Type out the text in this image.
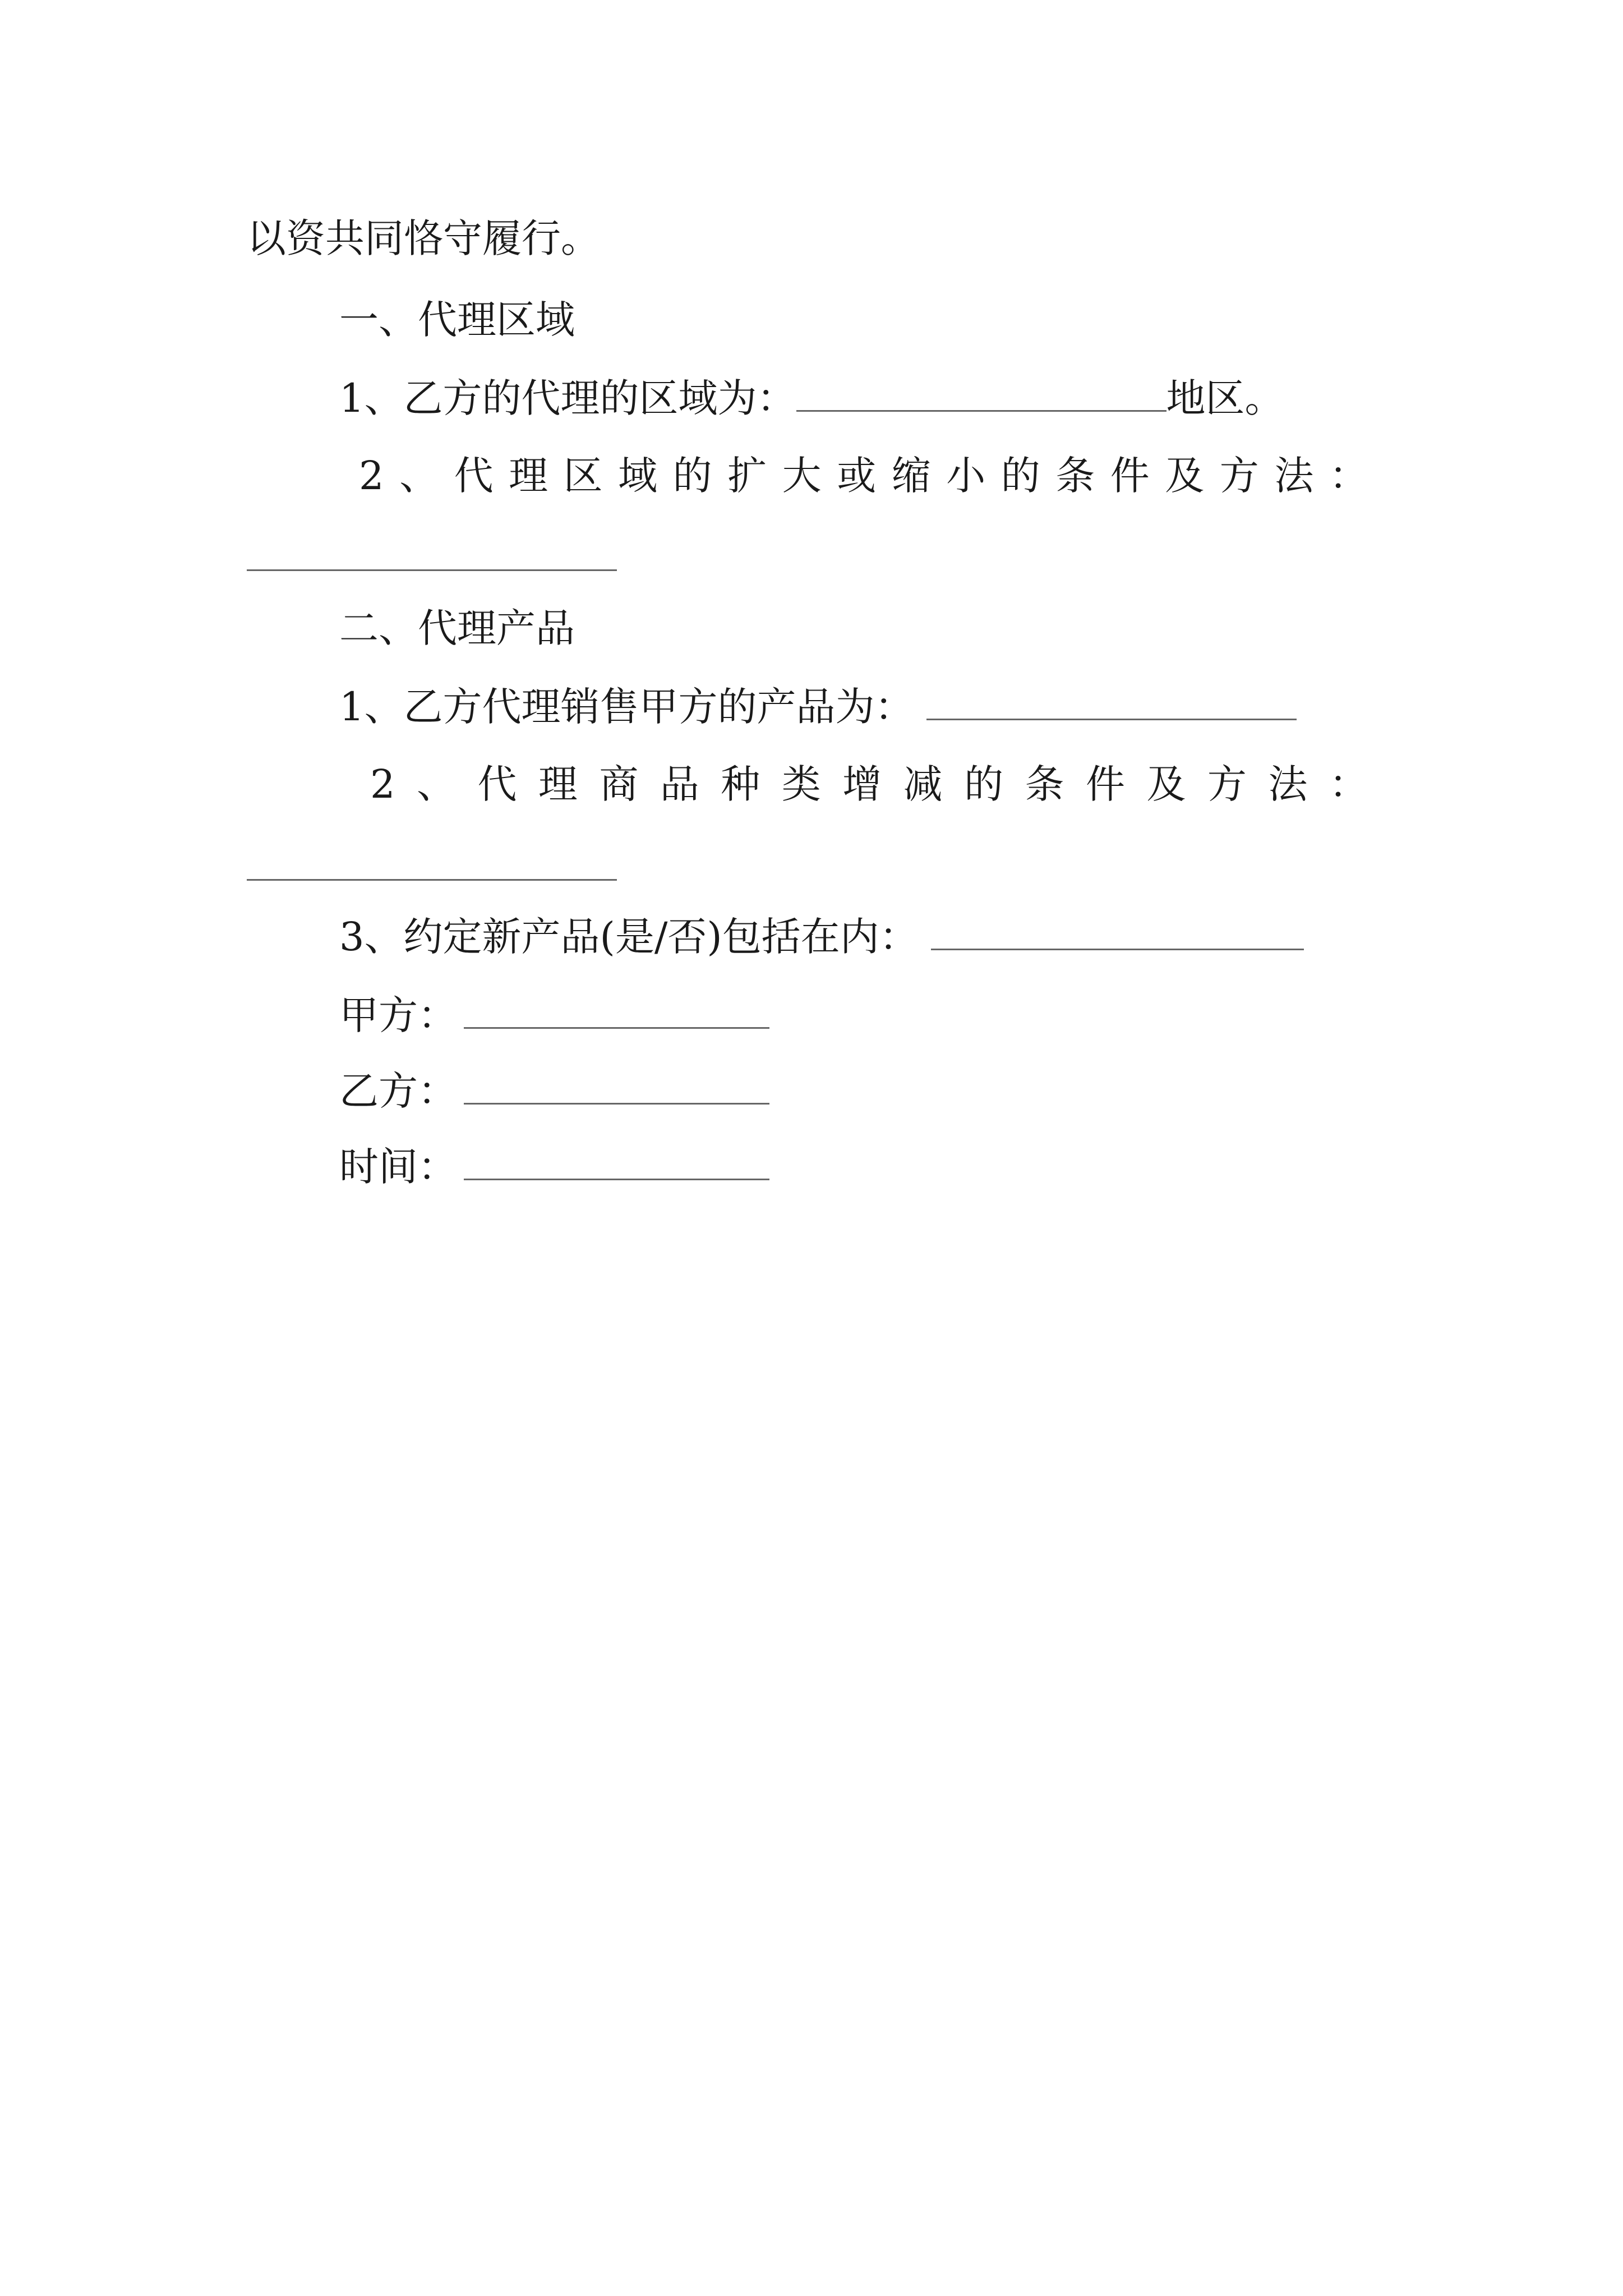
以资共同恪守履行。
一、代理区域
1、乙方的代理的区域为：	地区。
2 、 代 理 区 域 的 扩 大 或 缩 小 的 条 件 及 方 法 ：
二、代理产品
1、乙方代理销售甲方的产品为：
2 、 代 理 商 品 种 类 增 减 的 条 件 及 方 法 ：
3、约定新产品(是/否)包括在内：
甲方：
乙方：
时间：
